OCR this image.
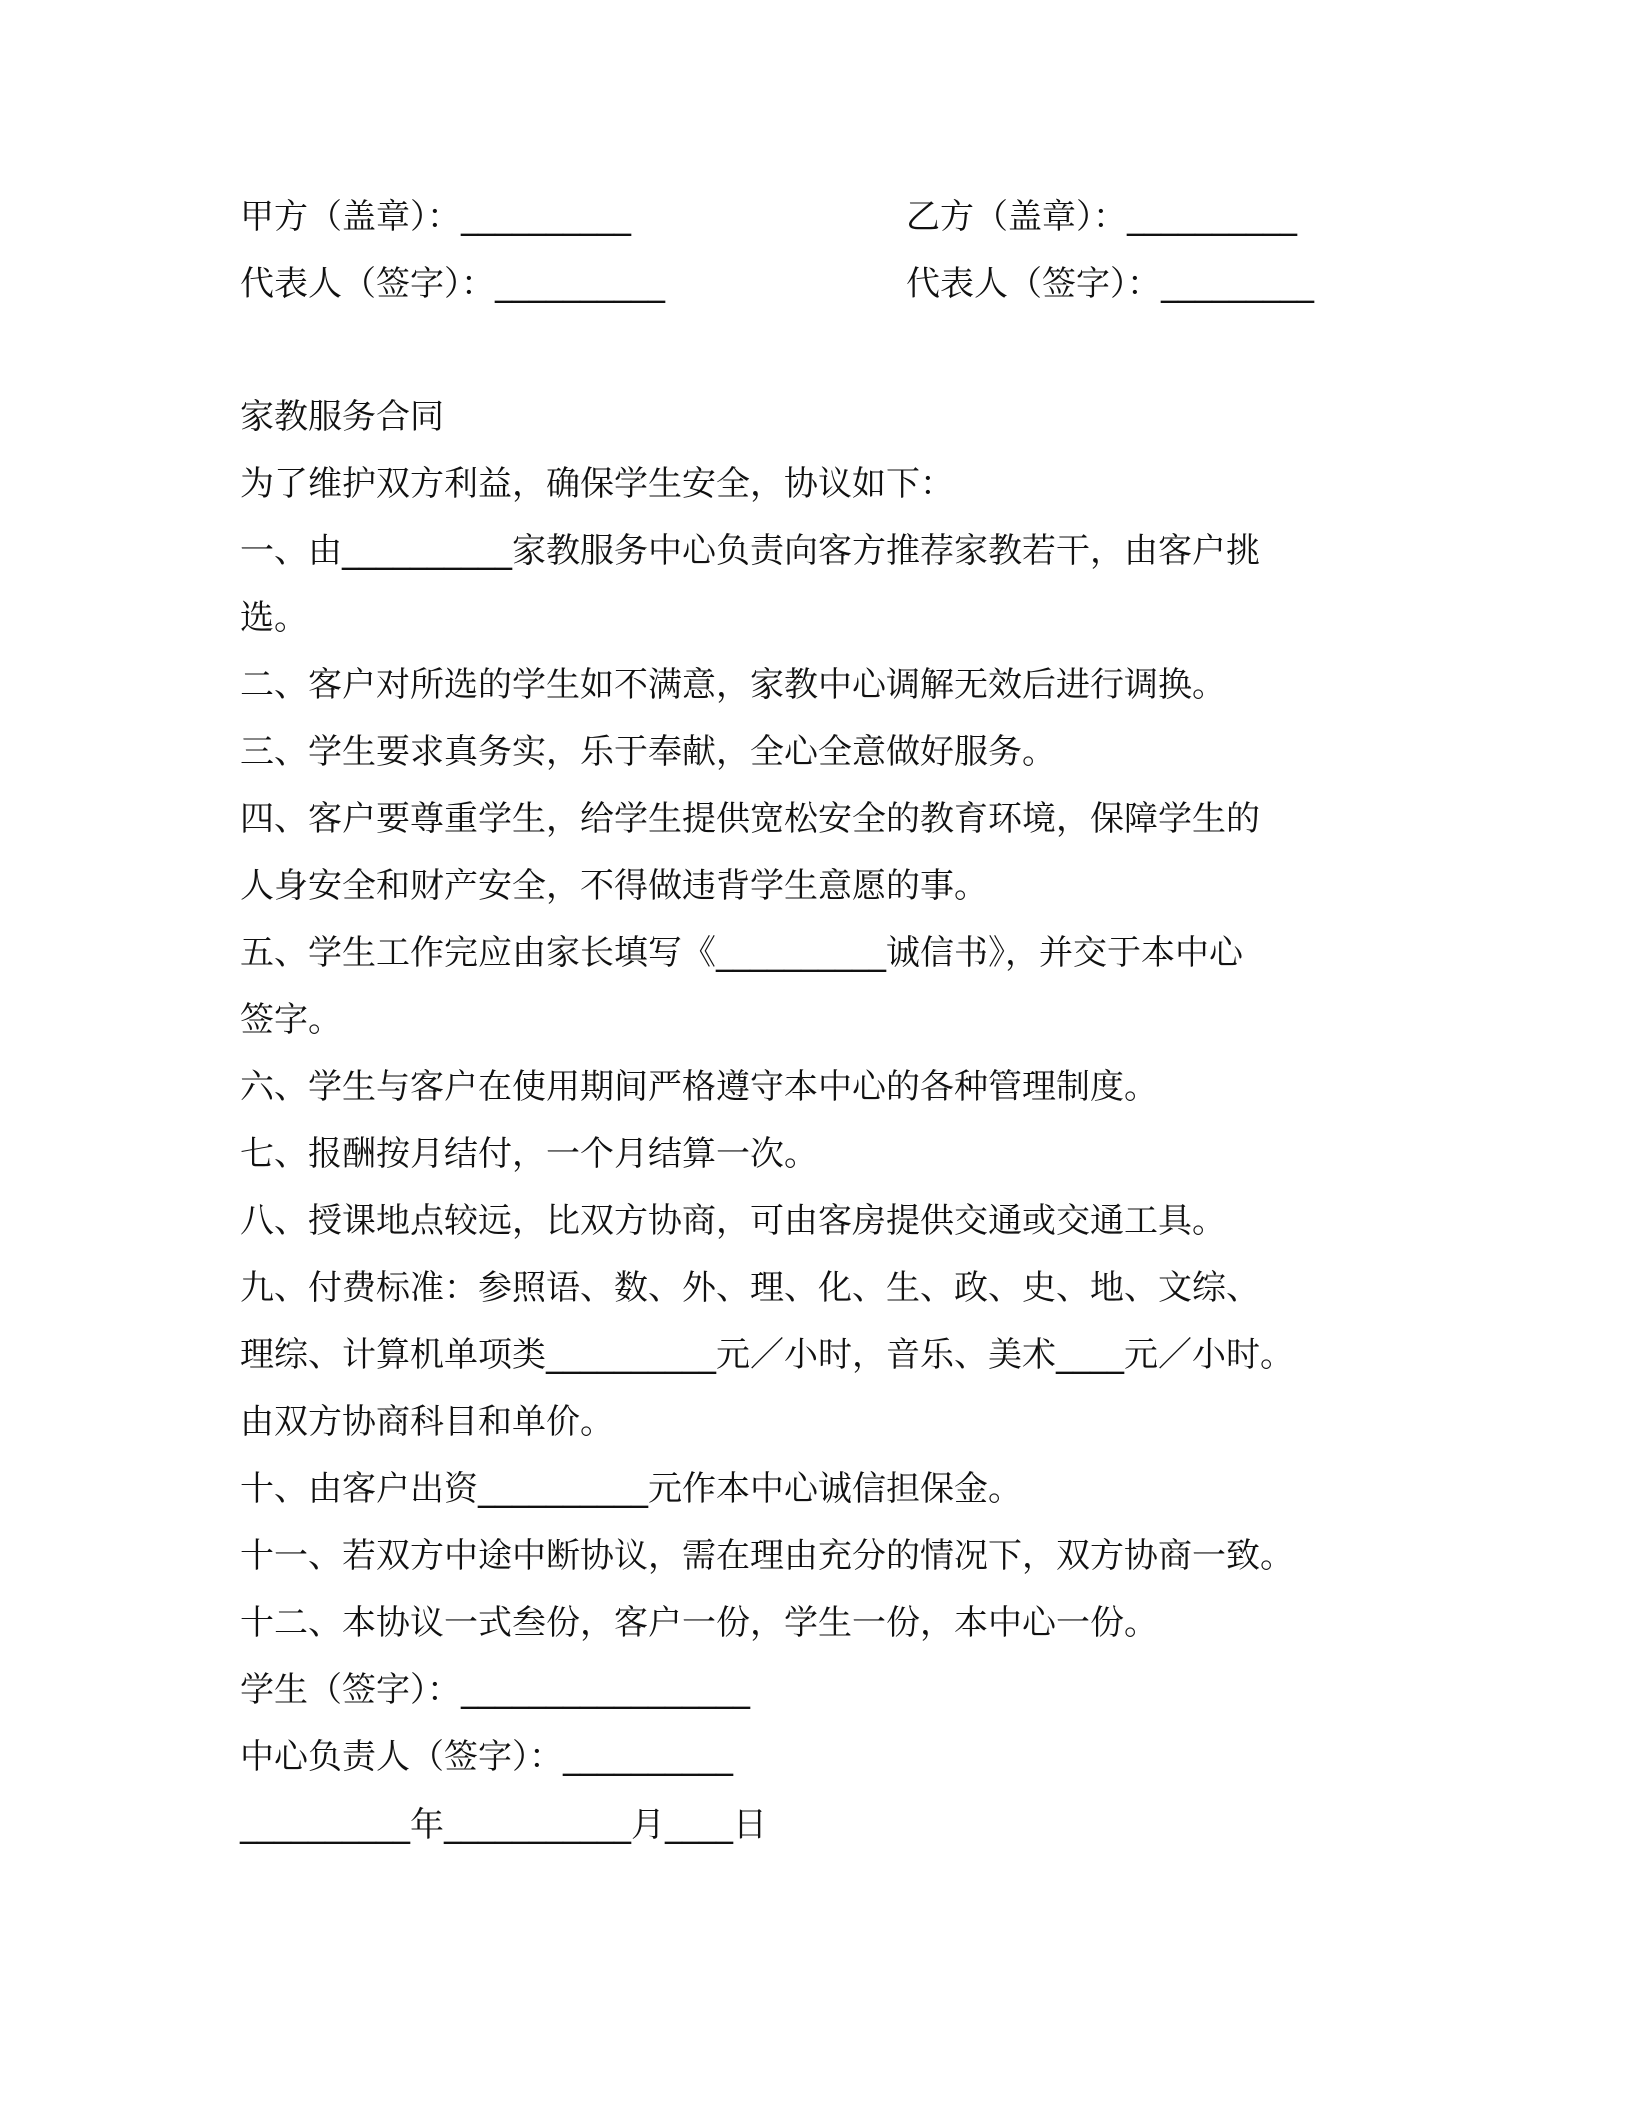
甲方（盖章）：__________	乙方（盖章）：__________
代表人（签字）：__________	代表人（签字）：_________
家教服务合同
为了维护双方利益，确保学生安全，协议如下：
一、由__________家教服务中心负责向客方推荐家教若干，由客户挑
选。
二、客户对所选的学生如不满意，家教中心调解无效后进行调换。
三、学生要求真务实，乐于奉献，全心全意做好服务。
四、客户要尊重学生，给学生提供宽松安全的教育环境，保障学生的
人身安全和财产安全，不得做违背学生意愿的事。
五、学生工作完应由家长填写《__________诚信书》，并交于本中心
签字。
六、学生与客户在使用期间严格遵守本中心的各种管理制度。
七、报酬按月结付，一个月结算一次。
八、授课地点较远，比双方协商，可由客房提供交通或交通工具。
九、付费标准：参照语、数、外、理、化、生、政、史、地、文综、
理综、计算机单项类__________元／小时，音乐、美术____元／小时。
由双方协商科目和单价。
十、由客户出资__________元作本中心诚信担保金。
十一、若双方中途中断协议，需在理由充分的情况下，双方协商一致。
十二、本协议一式叁份，客户一份，学生一份，本中心一份。
学生（签字）：_________________
中心负责人（签字）：__________
__________年___________月____日
